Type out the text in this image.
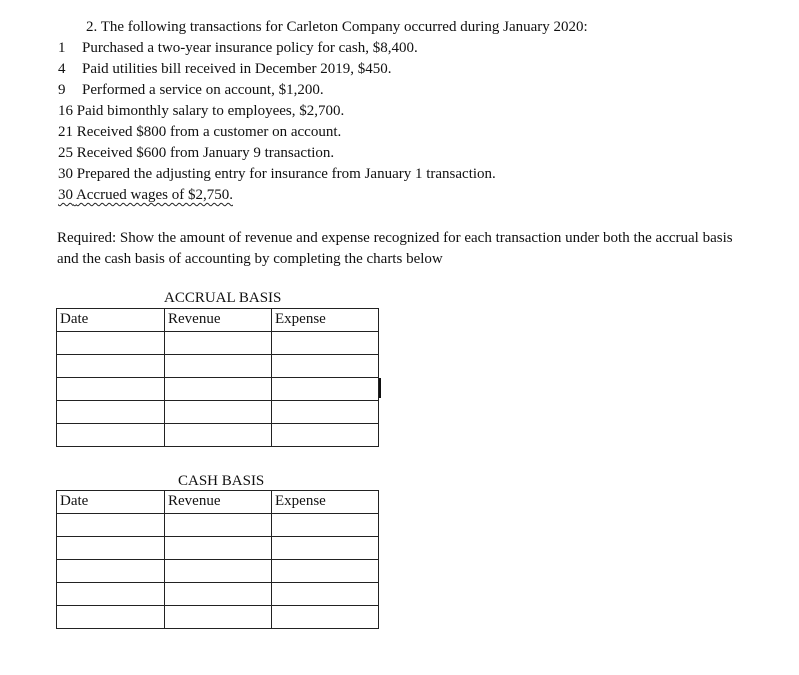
2. The following transactions for Carleton Company occurred during January 2020:
1 Purchased a two-year insurance policy for cash, $8,400.
4 Paid utilities bill received in December 2019, $450.
9 Performed a service on account, $1,200.
16 Paid bimonthly salary to employees, $2,700.
21 Received $800 from a customer on account.
25 Received $600 from January 9 transaction.
30 Prepared the adjusting entry for insurance from January 1 transaction.
30 Accrued wages of $2,750.
Required: Show the amount of revenue and expense recognized for each transaction under both the accrual basis and the cash basis of accounting by completing the charts below
ACCRUAL BASIS
Date	Revenue	Expense

CASH BASIS
Date	Revenue	Expense
